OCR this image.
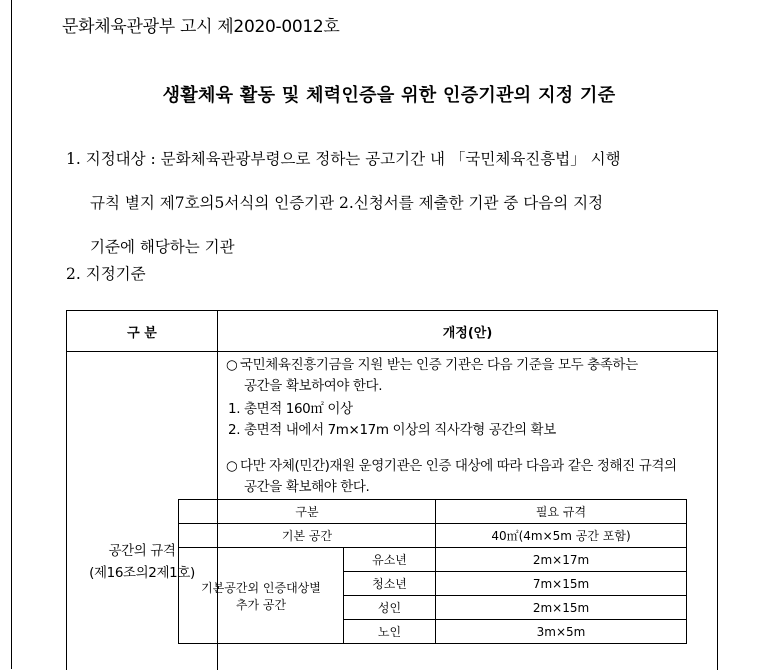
문화체육관광부 고시 제2020-0012호
생활체육 활동 및 체력인증을 위한 인증기관의 지정 기준
1. 지정대상 : 문화체육관광부령으로 정하는 공고기간 내 「국민체육진흥법」 시행
규칙 별지 제7호의5서식의 인증기관 2.신청서를 제출한 기관 중 다음의 지정
기준에 해당하는 기관
2. 지정기준
구 분	개정(안)
공간의 규격
(제16조의2제1호)
○ 국민체육진흥기금을 지원 받는 인증 기관은 다음 기준을 모두 충족하는
공간을 확보하여야 한다.
1. 총면적 160㎡ 이상
2. 총면적 내에서 7m×17m 이상의 직사각형 공간의 확보
○ 다만 자체(민간)재원 운영기관은 인증 대상에 따라 다음과 같은 정해진 규격의
공간을 확보해야 한다.
구분		필요 규격
기본 공간		40㎡(4m×5m 공간 포함)

기본공간외 인증대상별
추가 공간	유소년	2m×17m
	청소년	7m×15m
	성인	2m×15m
	노인	3m×5m
